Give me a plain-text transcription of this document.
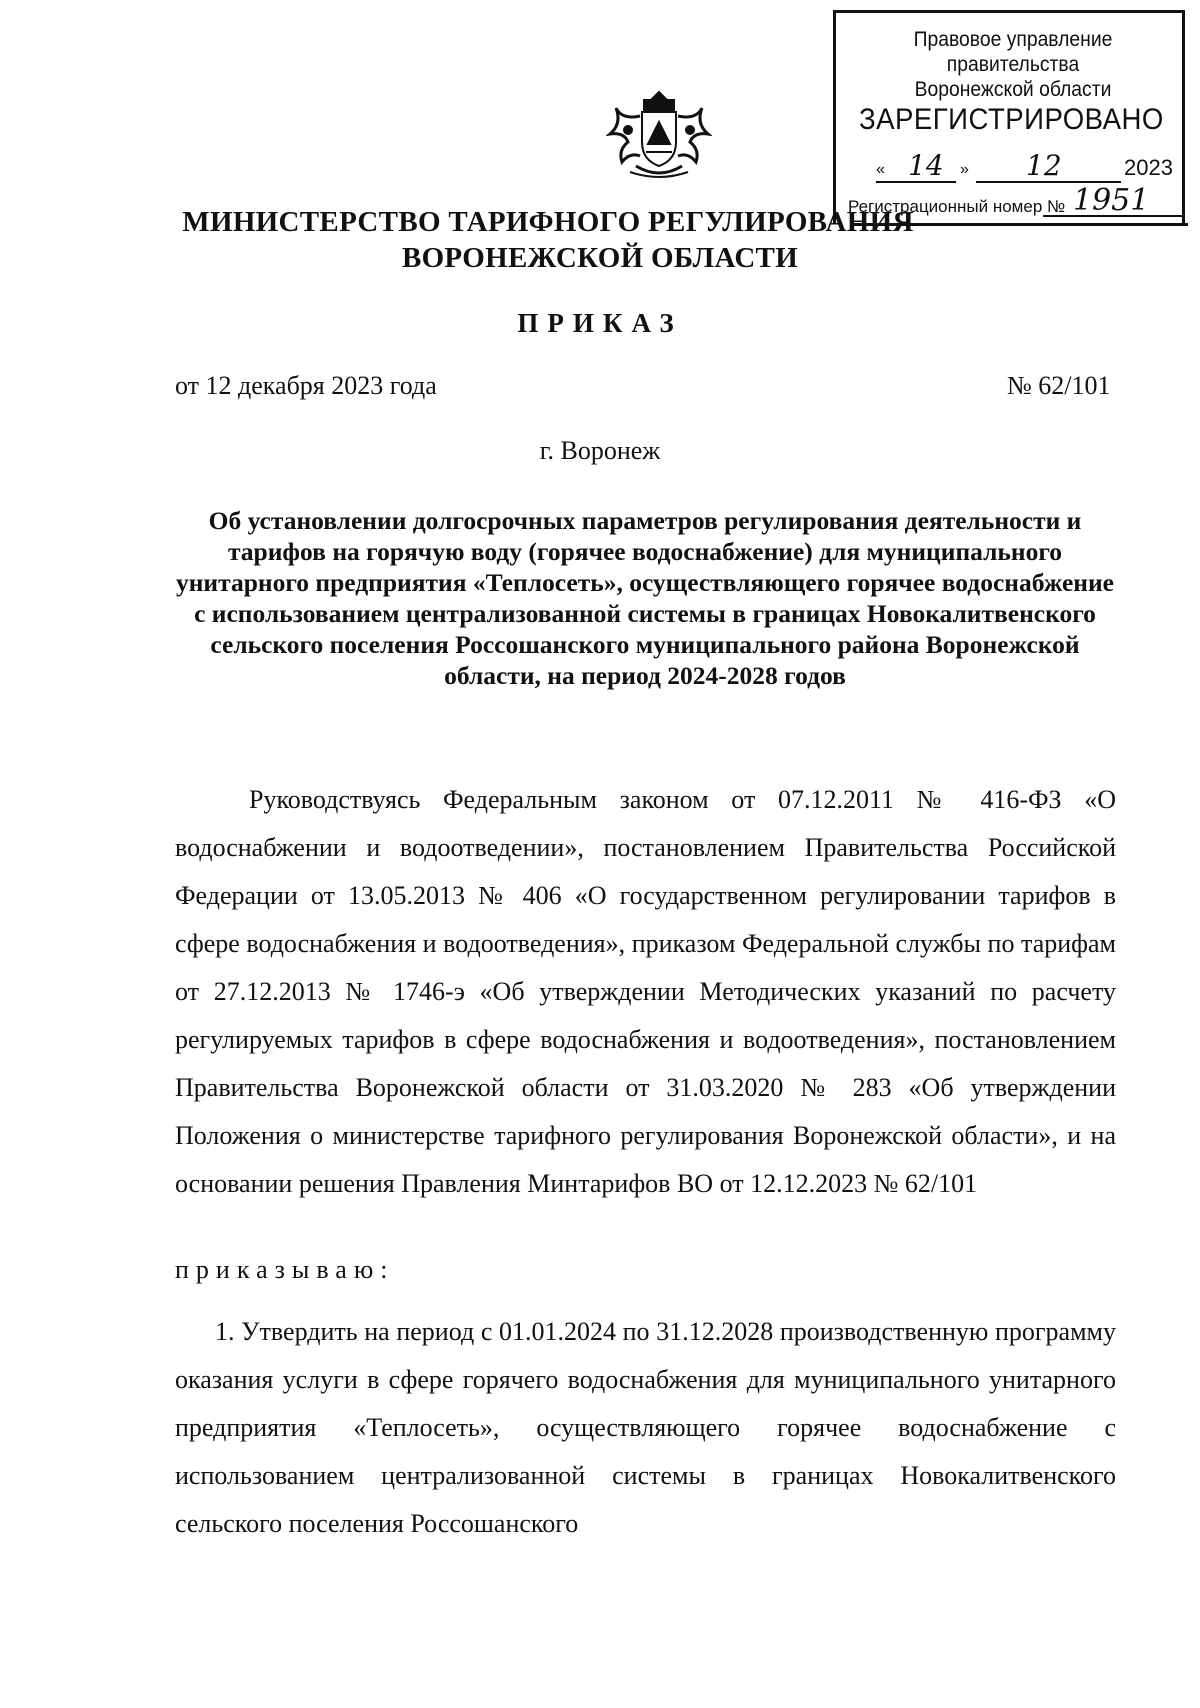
Правовое управление правительства
Воронежской области
ЗАРЕГИСТРИРОВАНО
« 14 » 12	2023
Регистрационный номер № 1951
МИНИСТЕРСТВО ТАРИФНОГО РЕГУЛИРОВАНИЯ
ВОРОНЕЖСКОЙ ОБЛАСТИ
ПРИКАЗ
от 12 декабря 2023 года	№ 62/101
г. Воронеж
Об установлении долгосрочных параметров регулирования деятельности и тарифов на горячую воду (горячее водоснабжение) для муниципального унитарного предприятия «Теплосеть», осуществляющего горячее водоснабжение с использованием централизованной системы в границах Новокалитвенского сельского поселения Россошанского муниципального района Воронежской области, на период 2024-2028 годов
Руководствуясь Федеральным законом от 07.12.2011 № 416-ФЗ «О водоснабжении и водоотведении», постановлением Правительства Российской Федерации от 13.05.2013 № 406 «О государственном регулировании тарифов в сфере водоснабжения и водоотведения», приказом Федеральной службы по тарифам от 27.12.2013 № 1746-э «Об утверждении Методических указаний по расчету регулируемых тарифов в сфере водоснабжения и водоотведения», постановлением Правительства Воронежской области от 31.03.2020 № 283 «Об утверждении Положения о министерстве тарифного регулирования Воронежской области», и на основании решения Правления Минтарифов ВО от 12.12.2023 № 62/101
приказываю:
1. Утвердить на период с 01.01.2024 по 31.12.2028 производственную программу оказания услуги в сфере горячего водоснабжения для муниципального унитарного предприятия «Теплосеть», осуществляющего горячее водоснабжение с использованием централизованной системы в границах Новокалитвенского сельского поселения Россошанского
